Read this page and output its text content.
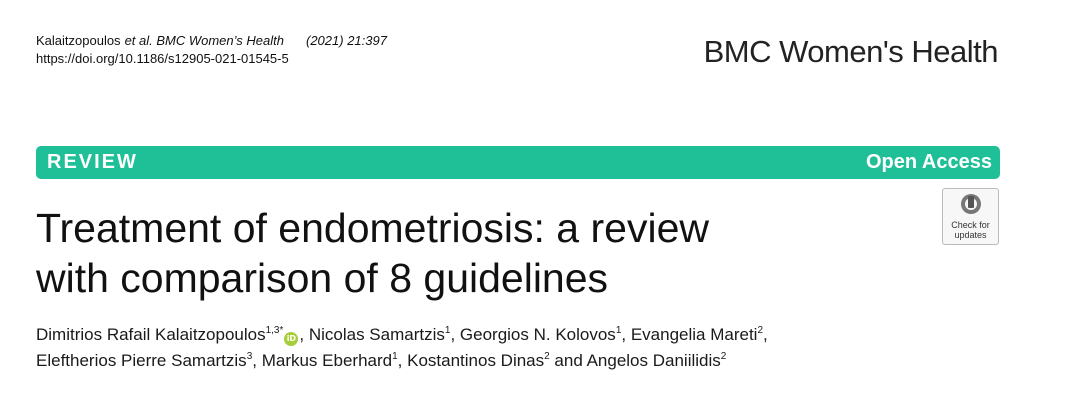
Kalaitzopoulos et al. BMC Women’s Health (2021) 21:397
https://doi.org/10.1186/s12905-021-01545-5	BMC Women's Health
REVIEW	Open Access
Treatment of endometriosis: a review
with comparison of 8 guidelines
Check for
updates
Dimitrios Rafail Kalaitzopoulos$^{1,3*}$iD , Nicolas Samartzis$^1$, Georgios N. Kolovos$^1$, Evangelia Mareti$^2$,
Eleftherios Pierre Samartzis$^3$, Markus Eberhard$^1$, Kostantinos Dinas$^2$ and Angelos Daniilidis$^2$
